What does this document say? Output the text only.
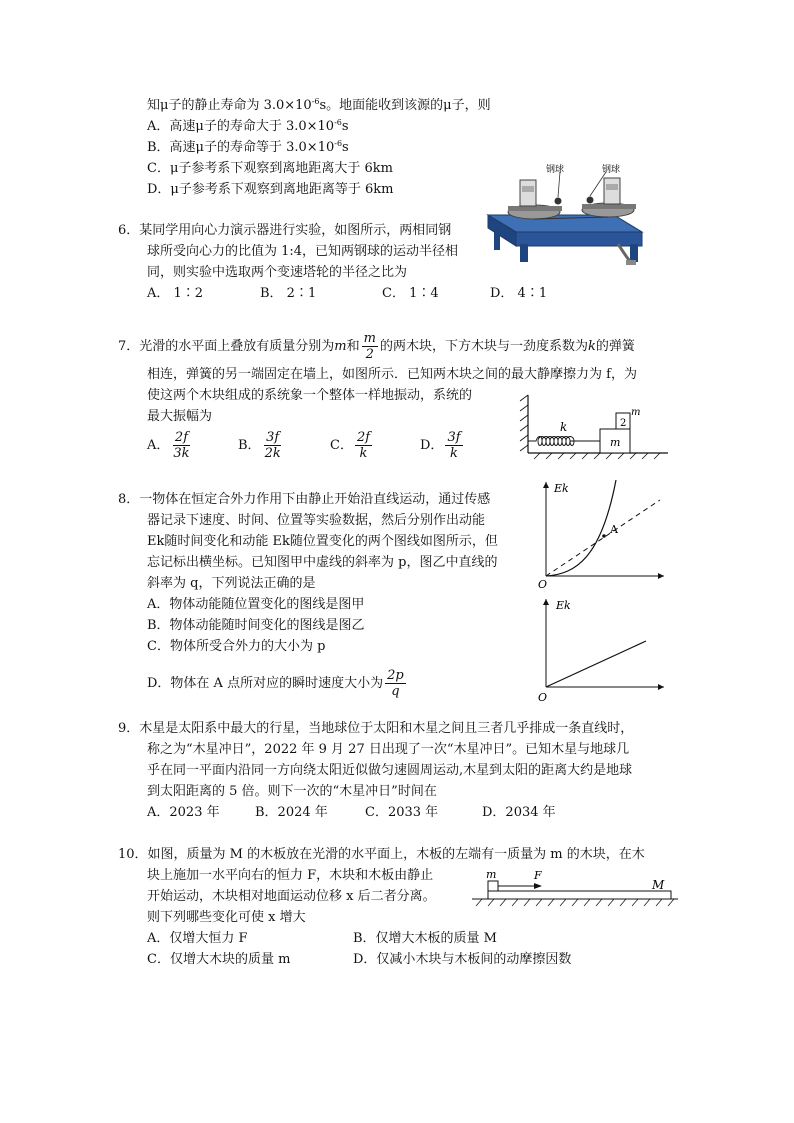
知μ子的静止寿命为 $3.0\times 10^{-6}s$。地面能收到该源的μ子，则
A．高速μ子的寿命大于 $3.0\times 10^{-6}s$
B．高速μ子的寿命等于 $3.0\times 10^{-6}s$
C．μ子参考系下观察到离地距离大于 6km
D．μ子参考系下观察到离地距离等于 6km
钢球	钢球
6．某同学用向心力演示器进行实验，如图所示，两相同钢
球所受向心力的比值为 1:4，已知两钢球的运动半径相
同，则实验中选取两个变速塔轮的半径之比为
A． 1∶2	B． 2∶1	C． 1∶4	D． 4∶1
7．光滑的水平面上叠放有质量分别为m和 $\frac{m}{2}$ 的两木块，下方木块与一劲度系数为k的弹簧
相连，弹簧的另一端固定在墙上，如图所示．已知两木块之间的最大静摩擦力为 f，为
使这两个木块组成的系统象一个整体一样地振动，系统的
最大振幅为
A． $\frac{2f}{3k}$	B． $\frac{3f}{2k}$	C． $\frac{2f}{k}$	D． $\frac{3f}{k}$
k
m
2
m
8．一物体在恒定合外力作用下由静止开始沿直线运动，通过传感
器记录下速度、时间、位置等实验数据，然后分别作出动能
Ek随时间变化和动能 Ek随位置变化的两个图线如图所示，但
忘记标出横坐标。已知图甲中虚线的斜率为 p，图乙中直线的
斜率为 q，下列说法正确的是
A．物体动能随位置变化的图线是图甲
B．物体动能随时间变化的图线是图乙
C．物体所受合外力的大小为 p
D．物体在 A 点所对应的瞬时速度大小为 $\frac{2p}{q}$
Ek
O
A
Ek
O
9．木星是太阳系中最大的行星，当地球位于太阳和木星之间且三者几乎排成一条直线时，
称之为“木星冲日”，2022 年 9 月 27 日出现了一次“木星冲日”。已知木星与地球几
乎在同一平面内沿同一方向绕太阳近似做匀速圆周运动,木星到太阳的距离大约是地球
到太阳距离的 5 倍。则下一次的“木星冲日”时间在
A．2023 年	B．2024 年	C．2033 年	D．2034 年
10．如图，质量为 M 的木板放在光滑的水平面上，木板的左端有一质量为 m 的木块，在木
块上施加一水平向右的恒力 F，木块和木板由静止
开始运动，木块相对地面运动位移 x 后二者分离。
则下列哪些变化可使 x 增大
A．仅增大恒力 F	B．仅增大木板的质量 M
C．仅增大木块的质量 m	D．仅减小木块与木板间的动摩擦因数
m	F
M
